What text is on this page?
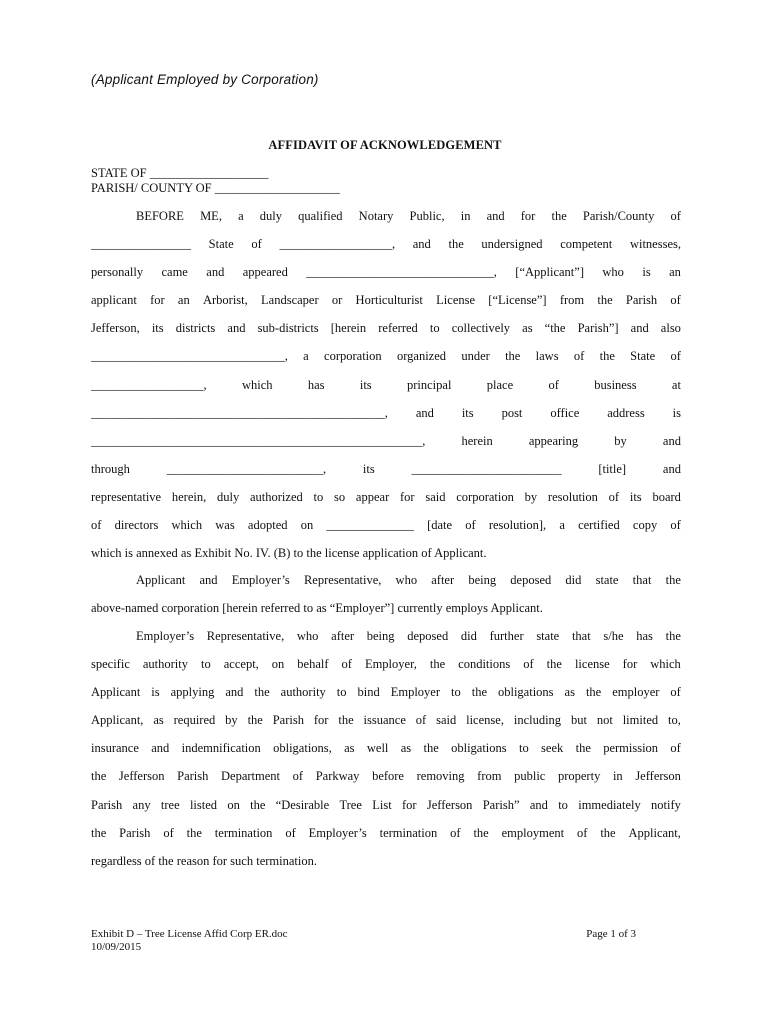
(Applicant Employed by Corporation)
AFFIDAVIT OF ACKNOWLEDGEMENT
STATE OF ___________________
PARISH/ COUNTY OF ____________________
BEFORE ME, a duly qualified Notary Public, in and for the Parish/County of
________________ State of __________________, and the undersigned competent witnesses,
personally came and appeared ______________________________, [“Applicant”] who is an
applicant for an Arborist, Landscaper or Horticulturist License [“License”] from the Parish of
Jefferson, its districts and sub-districts [herein referred to collectively as “the Parish”] and also
_______________________________, a corporation organized under the laws of the State of
__________________,	which	has	its	principal	place	of	business	at
_______________________________________________, and its post office address is
_____________________________________________________,	herein	appearing	by	and
through	_________________________,	its	________________________	[title]	and
representative herein, duly authorized to so appear for said corporation by resolution of its board
of directors which was adopted on ______________ [date of resolution], a certified copy of
which is annexed as Exhibit No. IV. (B) to the license application of Applicant.
Applicant and Employer’s Representative, who after being deposed did state that the
above-named corporation [herein referred to as “Employer”] currently employs Applicant.
Employer’s Representative, who after being deposed did further state that s/he has the
specific authority to accept, on behalf of Employer, the conditions of the license for which
Applicant is applying and the authority to bind Employer to the obligations as the employer of
Applicant, as required by the Parish for the issuance of said license, including but not limited to,
insurance and indemnification obligations, as well as the obligations to seek the permission of
the Jefferson Parish Department of Parkway before removing from public property in Jefferson
Parish any tree listed on the “Desirable Tree List for Jefferson Parish” and to immediately notify
the Parish of the termination of Employer’s termination of the employment of the Applicant,
regardless of the reason for such termination.
Exhibit D – Tree License Affid Corp ER.doc
10/09/2015
Page 1 of 3
